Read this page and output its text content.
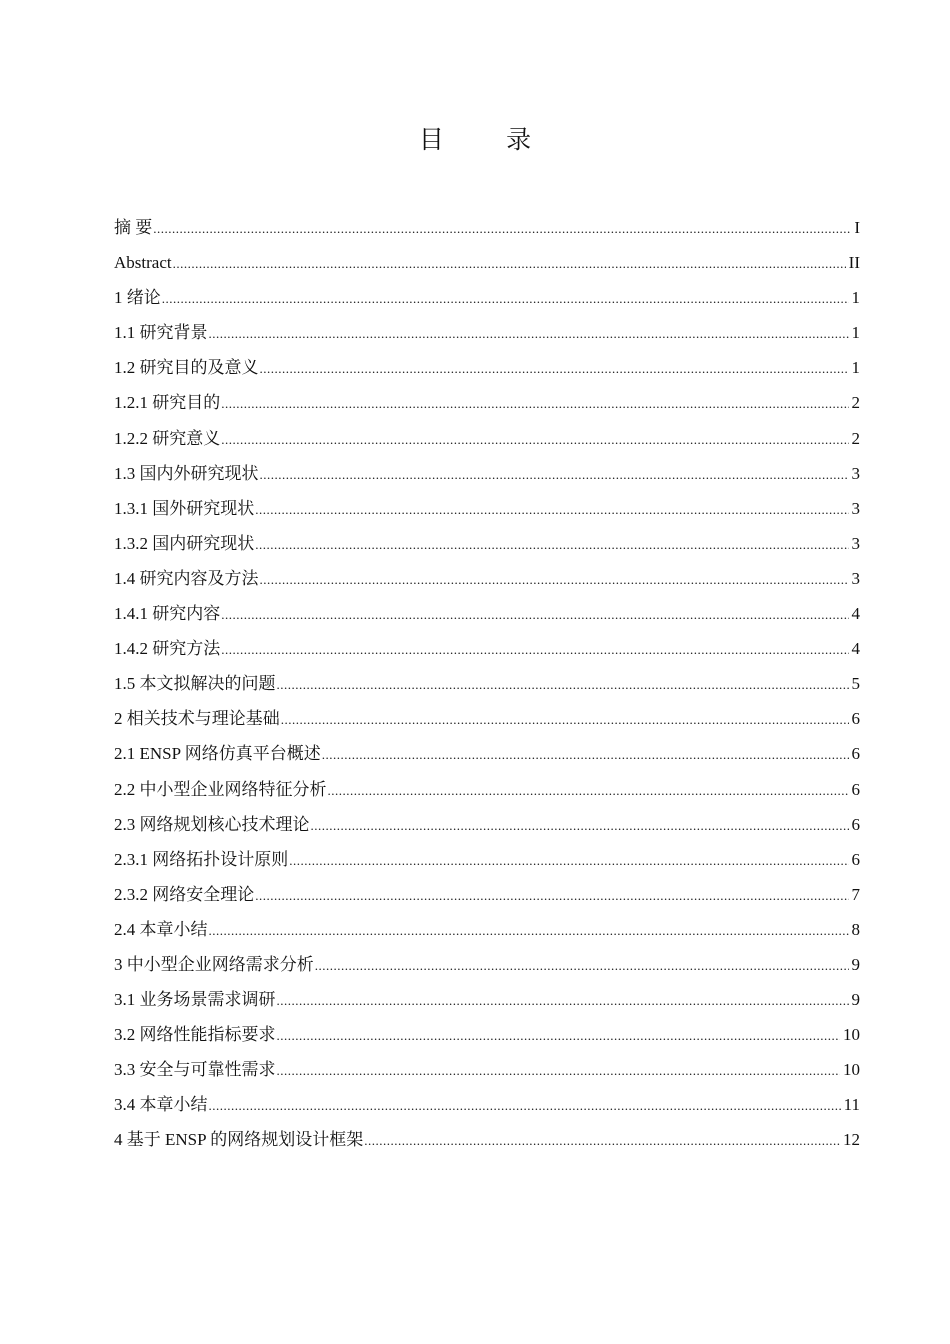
目 录
摘 要 .....	I
Abstract .....	II
1 绪论 .....	1
1.1 研究背景 .....	1
1.2 研究目的及意义 .....	1
1.2.1 研究目的 .....	2
1.2.2 研究意义 .....	2
1.3 国内外研究现状 .....	3
1.3.1 国外研究现状 .....	3
1.3.2 国内研究现状 .....	3
1.4 研究内容及方法 .....	3
1.4.1 研究内容 .....	4
1.4.2 研究方法 .....	4
1.5 本文拟解决的问题 .....	5
2 相关技术与理论基础 .....	6
2.1 ENSP 网络仿真平台概述 .....	6
2.2 中小型企业网络特征分析 .....	6
2.3 网络规划核心技术理论 .....	6
2.3.1 网络拓扑设计原则 .....	6
2.3.2 网络安全理论 .....	7
2.4 本章小结 .....	8
3 中小型企业网络需求分析 .....	9
3.1 业务场景需求调研 .....	9
3.2 网络性能指标要求 .....	10
3.3 安全与可靠性需求 .....	10
3.4 本章小结 .....	11
4 基于 ENSP 的网络规划设计框架 .....	12
